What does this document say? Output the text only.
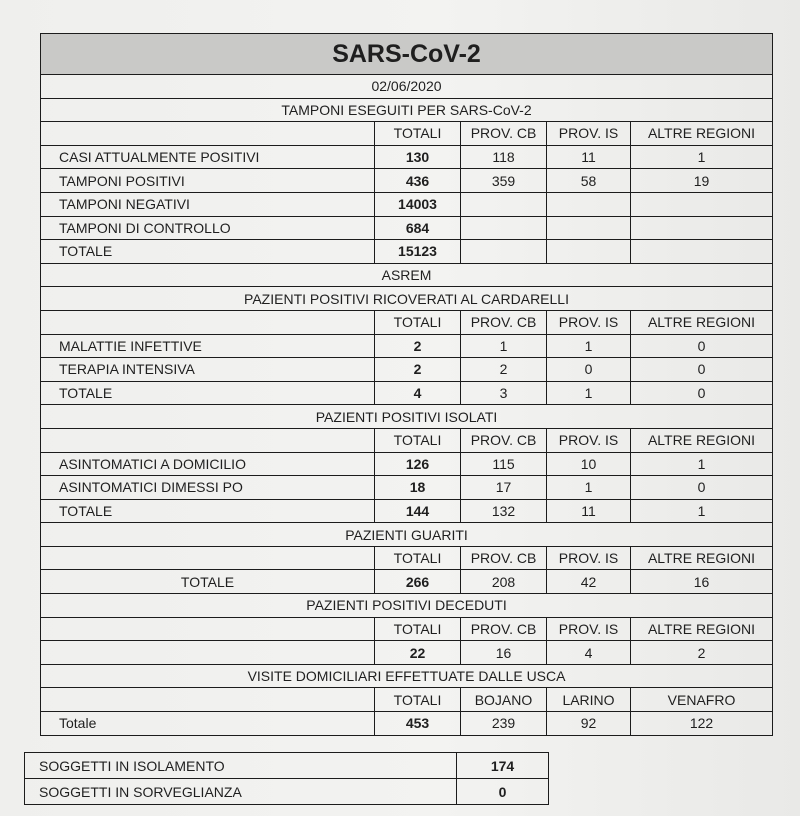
SARS-CoV-2				
02/06/2020				
TAMPONI ESEGUITI PER SARS-CoV-2				
	TOTALI	PROV. CB	PROV. IS	ALTRE REGIONI
CASI ATTUALMENTE POSITIVI	130	118	11	1
TAMPONI POSITIVI	436	359	58	19
TAMPONI NEGATIVI	14003			
TAMPONI DI CONTROLLO	684			
TOTALE	15123			
ASREM				
PAZIENTI POSITIVI RICOVERATI AL CARDARELLI				
	TOTALI	PROV. CB	PROV. IS	ALTRE REGIONI
MALATTIE INFETTIVE	2	1	1	0
TERAPIA INTENSIVA	2	2	0	0
TOTALE	4	3	1	0
PAZIENTI POSITIVI ISOLATI				
	TOTALI	PROV. CB	PROV. IS	ALTRE REGIONI
ASINTOMATICI A DOMICILIO	126	115	10	1
ASINTOMATICI DIMESSI PO	18	17	1	0
TOTALE	144	132	11	1
PAZIENTI GUARITI				
	TOTALI	PROV. CB	PROV. IS	ALTRE REGIONI
TOTALE	266	208	42	16
PAZIENTI POSITIVI DECEDUTI				
	TOTALI	PROV. CB	PROV. IS	ALTRE REGIONI
	22	16	4	2
VISITE DOMICILIARI EFFETTUATE DALLE USCA				
	TOTALI	BOJANO	LARINO	VENAFRO
Totale	453	239	92	122
SOGGETTI IN ISOLAMENTO	174
SOGGETTI IN SORVEGLIANZA	0
